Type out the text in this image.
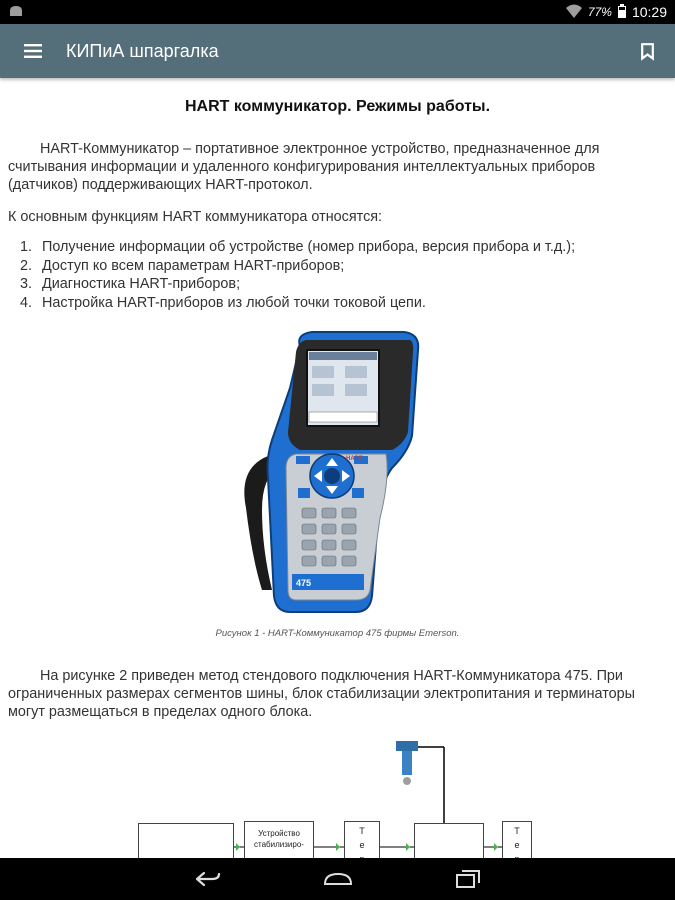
77% 10:29
КИПиА шпаргалка
HART коммуникатор. Режимы работы.

HART-Коммуникатор – портативное электронное устройство, предназначенное для считывания информации и удаленного конфигурирования интеллектуальных приборов (датчиков) поддерживающих HART-протокол.

К основным функциям HART коммуникатора относятся:

1. Получение информации об устройстве (номер прибора, версия прибора и т.д.);
2. Доступ ко всем параметрам HART-приборов;
3. Диагностика HART-приборов;
4. Настройка HART-приборов из любой точки токовой цепи.
475
HART
Рисунок 1 - HART-Коммуникатор 475 фирмы Emerson.

На рисунке 2 приведен метод стендового подключения HART-Коммуникатора 475. При ограниченных размерах сегментов шины, блок стабилизации электропитания и терминаторы могут размещаться в пределах одного блока.

Устройство стабилизиро-
Т
е
Т
е
